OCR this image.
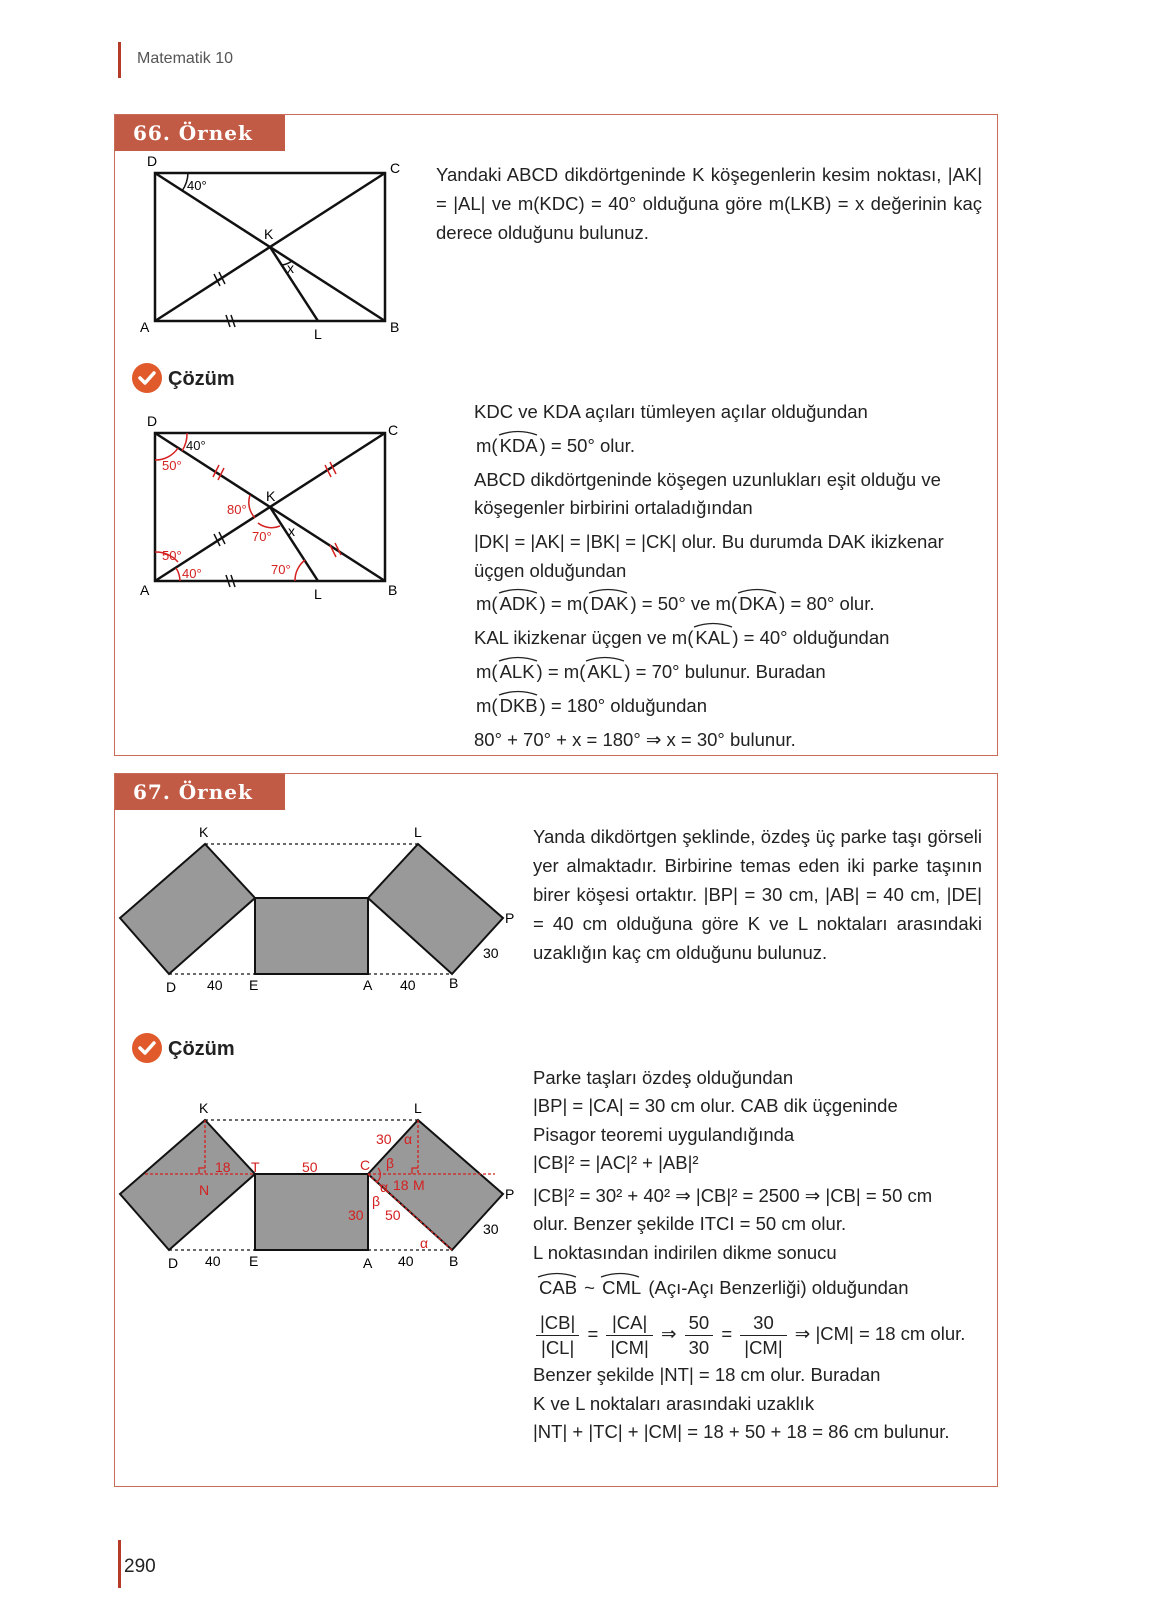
Matematik 10
290
66. Örnek
D	C
A	B
K
L
x
40°
Yandaki ABCD dikdörtgeninde K köşegenlerin kesim noktası, |AK| = |AL| ve m(KDC) = 40° olduğuna göre m(LKB) = x değerinin kaç derece olduğunu bulunuz.
Çözüm
D
C
A	B
K
L
x
40°
50°
80°
70°
50°
40°	70°
KDC ve KDA açıları tümleyen açılar olduğundan
m( KDA ) = 50° olur.
ABCD dikdörtgeninde köşegen uzunlukları eşit olduğu ve
köşegenler birbirini ortaladığından
|DK| = |AK| = |BK| = |CK| olur. Bu durumda DAK ikizkenar
üçgen olduğundan
m( ADK ) = m( DAK ) = 50° ve m( DKA ) = 80° olur.
KAL ikizkenar üçgen ve m( KAL ) = 40° olduğundan
m( ALK ) = m( AKL ) = 70° bulunur. Buradan
m( DKB ) = 180° olduğundan
80° + 70° + x = 180° ⇒ x = 30° bulunur.
67. Örnek
K	L
P
D 40 E	A 40 B
30
Yanda dikdörtgen şeklinde, özdeş üç parke taşı görseli yer almaktadır. Birbirine temas eden iki parke taşının birer köşesi ortaktır. |BP| = 30 cm, |AB| = 40 cm, |DE| = 40 cm olduğuna göre K ve L noktaları arasındaki uzaklığın kaç cm olduğunu bulunuz.
Çözüm
18 T	50
N
C
30
18 M
30 50
α
β
α
β
α
K	L
P
D 40 E	A 40	B
30
Parke taşları özdeş olduğundan
|BP| = |CA| = 30 cm olur. CAB dik üçgeninde
Pisagor teoremi uygulandığında
|CB|² = |AC|² + |AB|²
|CB|² = 30² + 40² ⇒ |CB|² = 2500 ⇒ |CB| = 50 cm
olur. Benzer şekilde ITCI = 50 cm olur.
L noktasından indirilen dikme sonucu
CAB ~
CML (Açı-Açı Benzerliği) olduğundan
$\frac{|CB|}{|CL|} = \frac{|CA|}{|CM|}$ ⇒ $\frac{50}{30} = \frac{30}{|CM|}$ ⇒ |CM| = 18 cm olur.
Benzer şekilde |NT| = 18 cm olur. Buradan
K ve L noktaları arasındaki uzaklık
|NT| + |TC| + |CM| = 18 + 50 + 18 = 86 cm bulunur.
